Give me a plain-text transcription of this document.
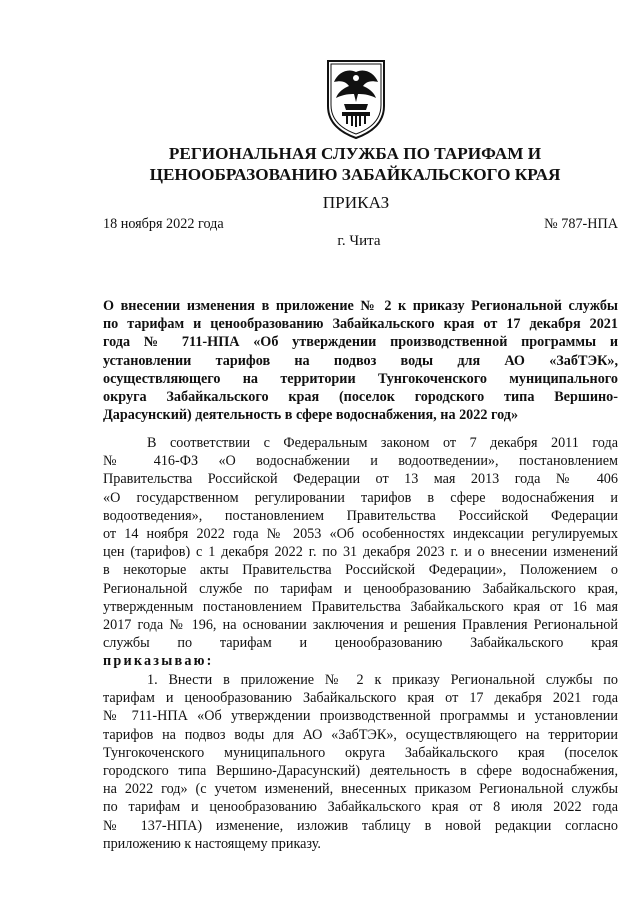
РЕГИОНАЛЬНАЯ СЛУЖБА ПО ТАРИФАМ И
ЦЕНООБРАЗОВАНИЮ ЗАБАЙКАЛЬСКОГО КРАЯ
ПРИКАЗ
18 ноября 2022 года	№ 787-НПА
г. Чита
О внесении изменения в приложение № 2 к приказу Региональной службы
по тарифам и ценообразованию Забайкальского края от 17 декабря 2021
года № 711-НПА «Об утверждении производственной программы и
установлении тарифов на подвоз воды для АО «ЗабТЭК»,
осуществляющего на территории Тунгокоченского муниципального
округа Забайкальского края (поселок городского типа Вершино-
Дарасунский) деятельность в сфере водоснабжения, на 2022 год»
В соответствии с Федеральным законом от 7 декабря 2011 года
№ 416-ФЗ «О водоснабжении и водоотведении», постановлением
Правительства Российской Федерации от 13 мая 2013 года № 406
«О государственном регулировании тарифов в сфере водоснабжения и
водоотведения», постановлением Правительства Российской Федерации
от 14 ноября 2022 года № 2053 «Об особенностях индексации регулируемых
цен (тарифов) с 1 декабря 2022 г. по 31 декабря 2023 г. и о внесении изменений
в некоторые акты Правительства Российской Федерации», Положением о
Региональной службе по тарифам и ценообразованию Забайкальского края,
утвержденным постановлением Правительства Забайкальского края от 16 мая
2017 года № 196, на основании заключения и решения Правления Региональной
службы по тарифам и ценообразованию Забайкальского края
приказываю:
1. Внести в приложение № 2 к приказу Региональной службы по
тарифам и ценообразованию Забайкальского края от 17 декабря 2021 года
№ 711-НПА «Об утверждении производственной программы и установлении
тарифов на подвоз воды для АО «ЗабТЭК», осуществляющего на территории
Тунгокоченского муниципального округа Забайкальского края (поселок
городского типа Вершино-Дарасунский) деятельность в сфере водоснабжения,
на 2022 год» (с учетом изменений, внесенных приказом Региональной службы
по тарифам и ценообразованию Забайкальского края от 8 июля 2022 года
№ 137-НПА) изменение, изложив таблицу в новой редакции согласно
приложению к настоящему приказу.
